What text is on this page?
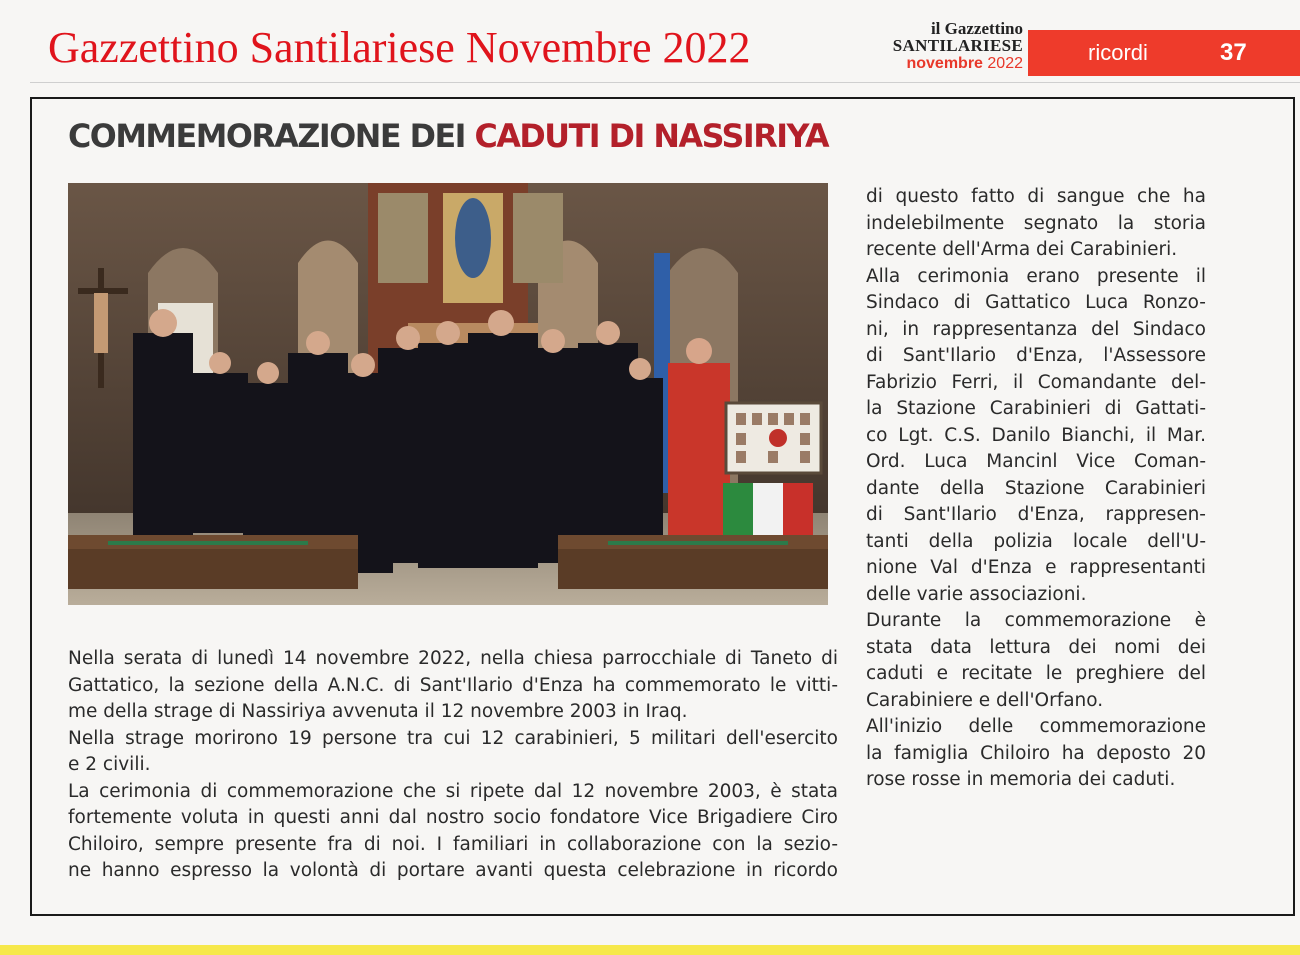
Gazzettino Santilariese Novembre 2022	il Gazzettino
SANTILARIESE
novembre 2022	ricordi	37
COMMEMORAZIONE DEI CADUTI DI NASSIRIYA
Nella serata di lunedì 14 novembre 2022, nella chiesa parrocchiale di Taneto di
Gattatico, la sezione della A.N.C. di Sant'Ilario d'Enza ha commemorato le vitti-
me della strage di Nassiriya avvenuta il 12 novembre 2003 in Iraq.
Nella strage morirono 19 persone tra cui 12 carabinieri, 5 militari dell'esercito
e 2 civili.
La cerimonia di commemorazione che si ripete dal 12 novembre 2003, è stata
fortemente voluta in questi anni dal nostro socio fondatore Vice Brigadiere Ciro
Chiloiro, sempre presente fra di noi. I familiari in collaborazione con la sezio-
ne hanno espresso la volontà di portare avanti questa celebrazione in ricordo
di questo fatto di sangue che ha
indelebilmente segnato la storia
recente dell'Arma dei Carabinieri.
Alla cerimonia erano presente il
Sindaco di Gattatico Luca Ronzo-
ni, in rappresentanza del Sindaco
di Sant'Ilario d'Enza, l'Assessore
Fabrizio Ferri, il Comandante del-
la Stazione Carabinieri di Gattati-
co Lgt. C.S. Danilo Bianchi, il Mar.
Ord. Luca Mancinl Vice Coman-
dante della Stazione Carabinieri
di Sant'Ilario d'Enza, rappresen-
tanti della polizia locale dell'U-
nione Val d'Enza e rappresentanti
delle varie associazioni.
Durante la commemorazione è
stata data lettura dei nomi dei
caduti e recitate le preghiere del
Carabiniere e dell'Orfano.
All'inizio delle commemorazione
la famiglia Chiloiro ha deposto 20
rose rosse in memoria dei caduti.
